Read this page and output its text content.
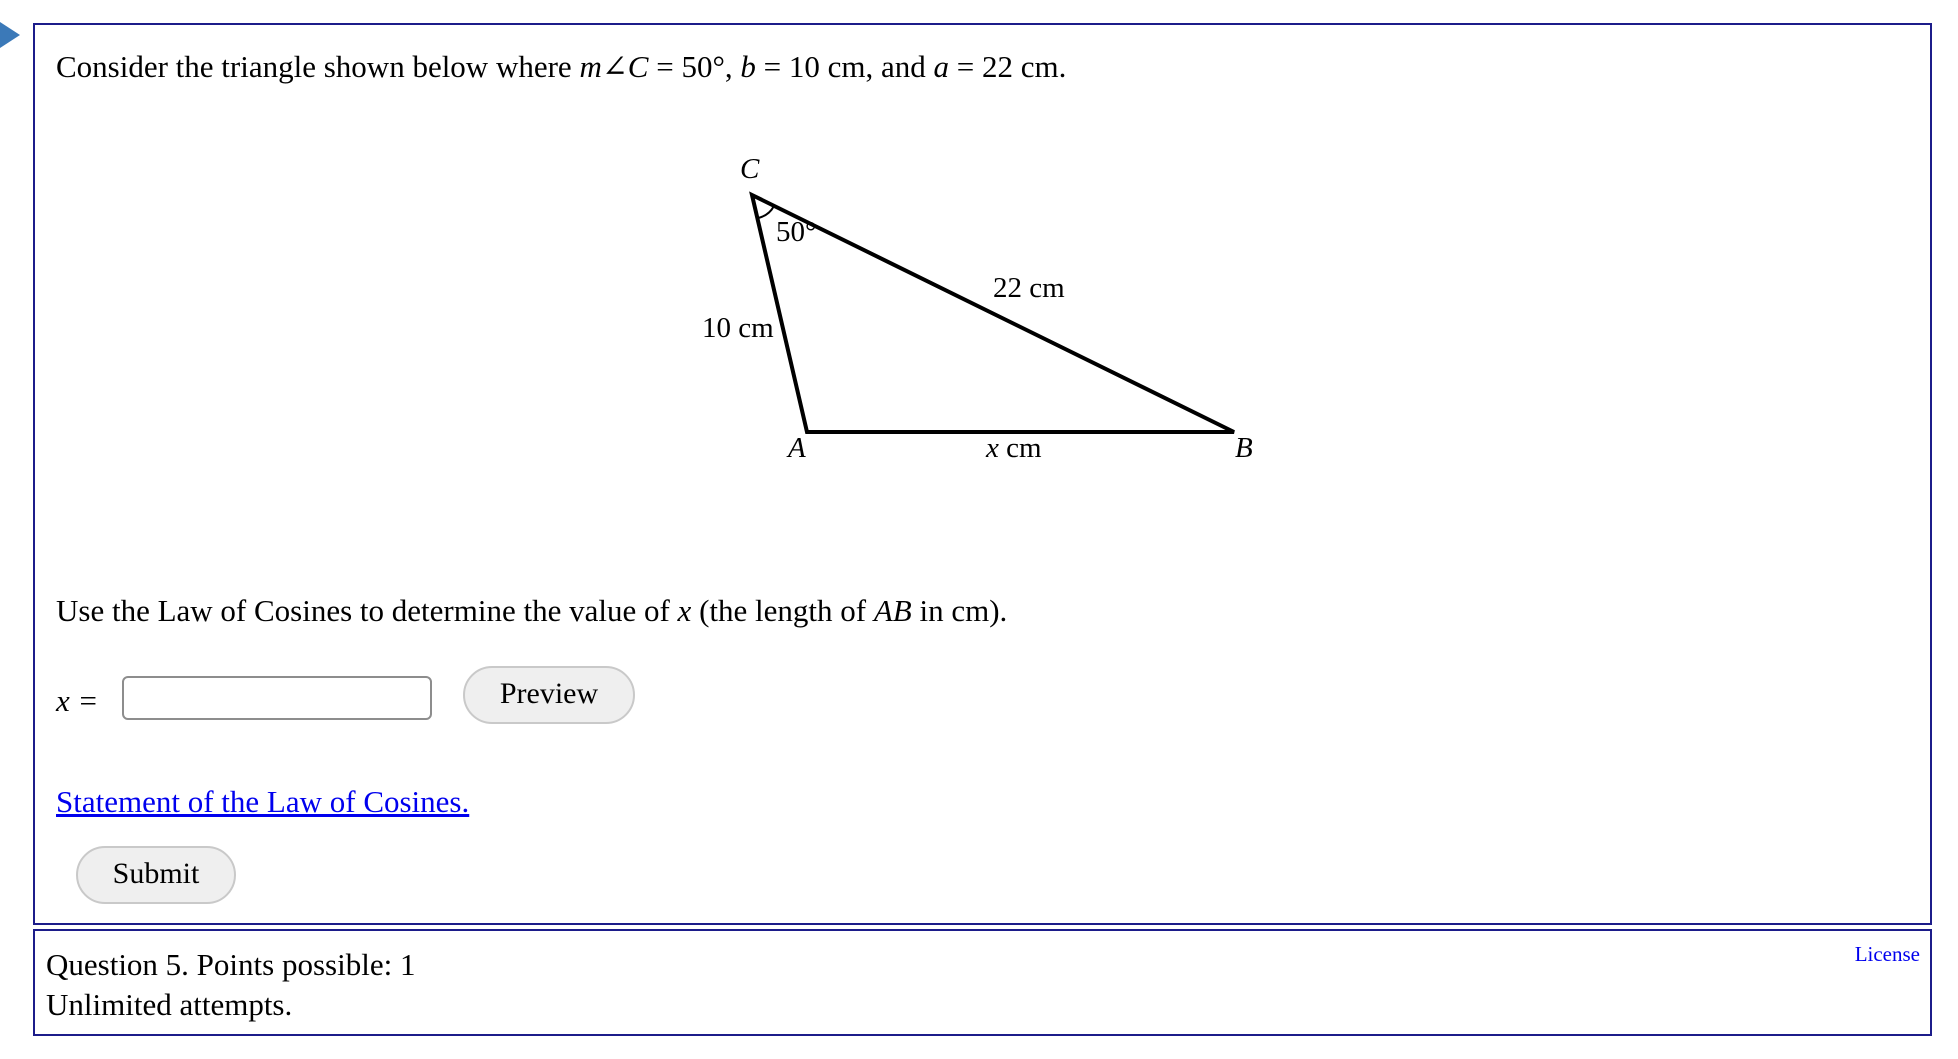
Consider the triangle shown below where m∠C = 50°, b = 10 cm, and a = 22 cm.
C
50°
22 cm
10 cm
A	x cm	B
Use the Law of Cosines to determine the value of x (the length of AB in cm).
x =	Preview
Statement of the Law of Cosines.
Submit
Question 5. Points possible: 1
Unlimited attempts.
License
